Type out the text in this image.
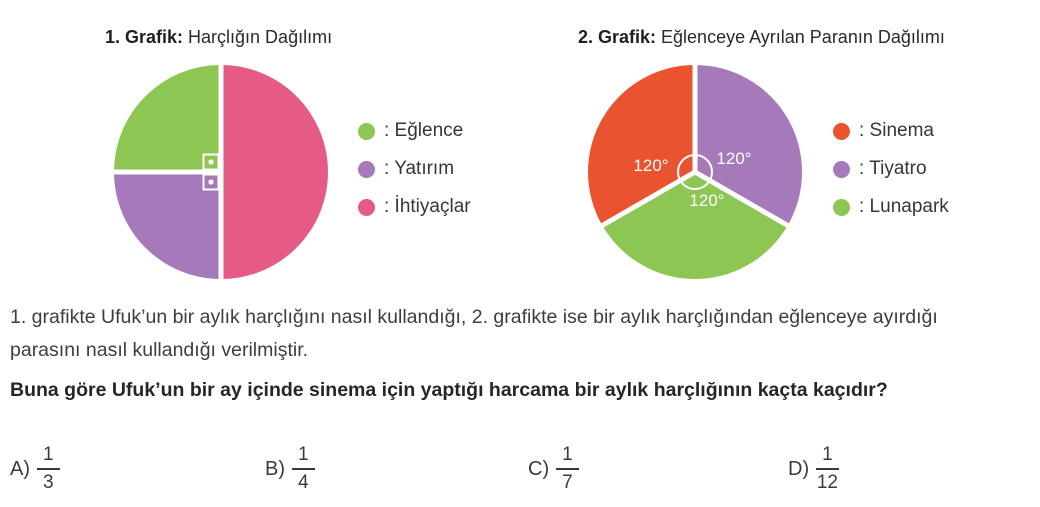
1. Grafik: Harçlığın Dağılımı
: Eğlence
: Yatırım
: İhtiyaçlar
2. Grafik: Eğlenceye Ayrılan Paranın Dağılımı
120°	120°
120°
: Sinema
: Tiyatro
: Lunapark
1. grafikte Ufuk’un bir aylık harçlığını nasıl kullandığı, 2. grafikte ise bir aylık harçlığından eğlenceye ayırdığı
parasını nasıl kullandığı verilmiştir.
Buna göre Ufuk’un bir ay içinde sinema için yaptığı harcama bir aylık harçlığının kaçta kaçıdır?
$A) \frac{1}{3}$	$B) \frac{1}{4}$	$C) \frac{1}{7}$	$D) \frac{1}{12}$
